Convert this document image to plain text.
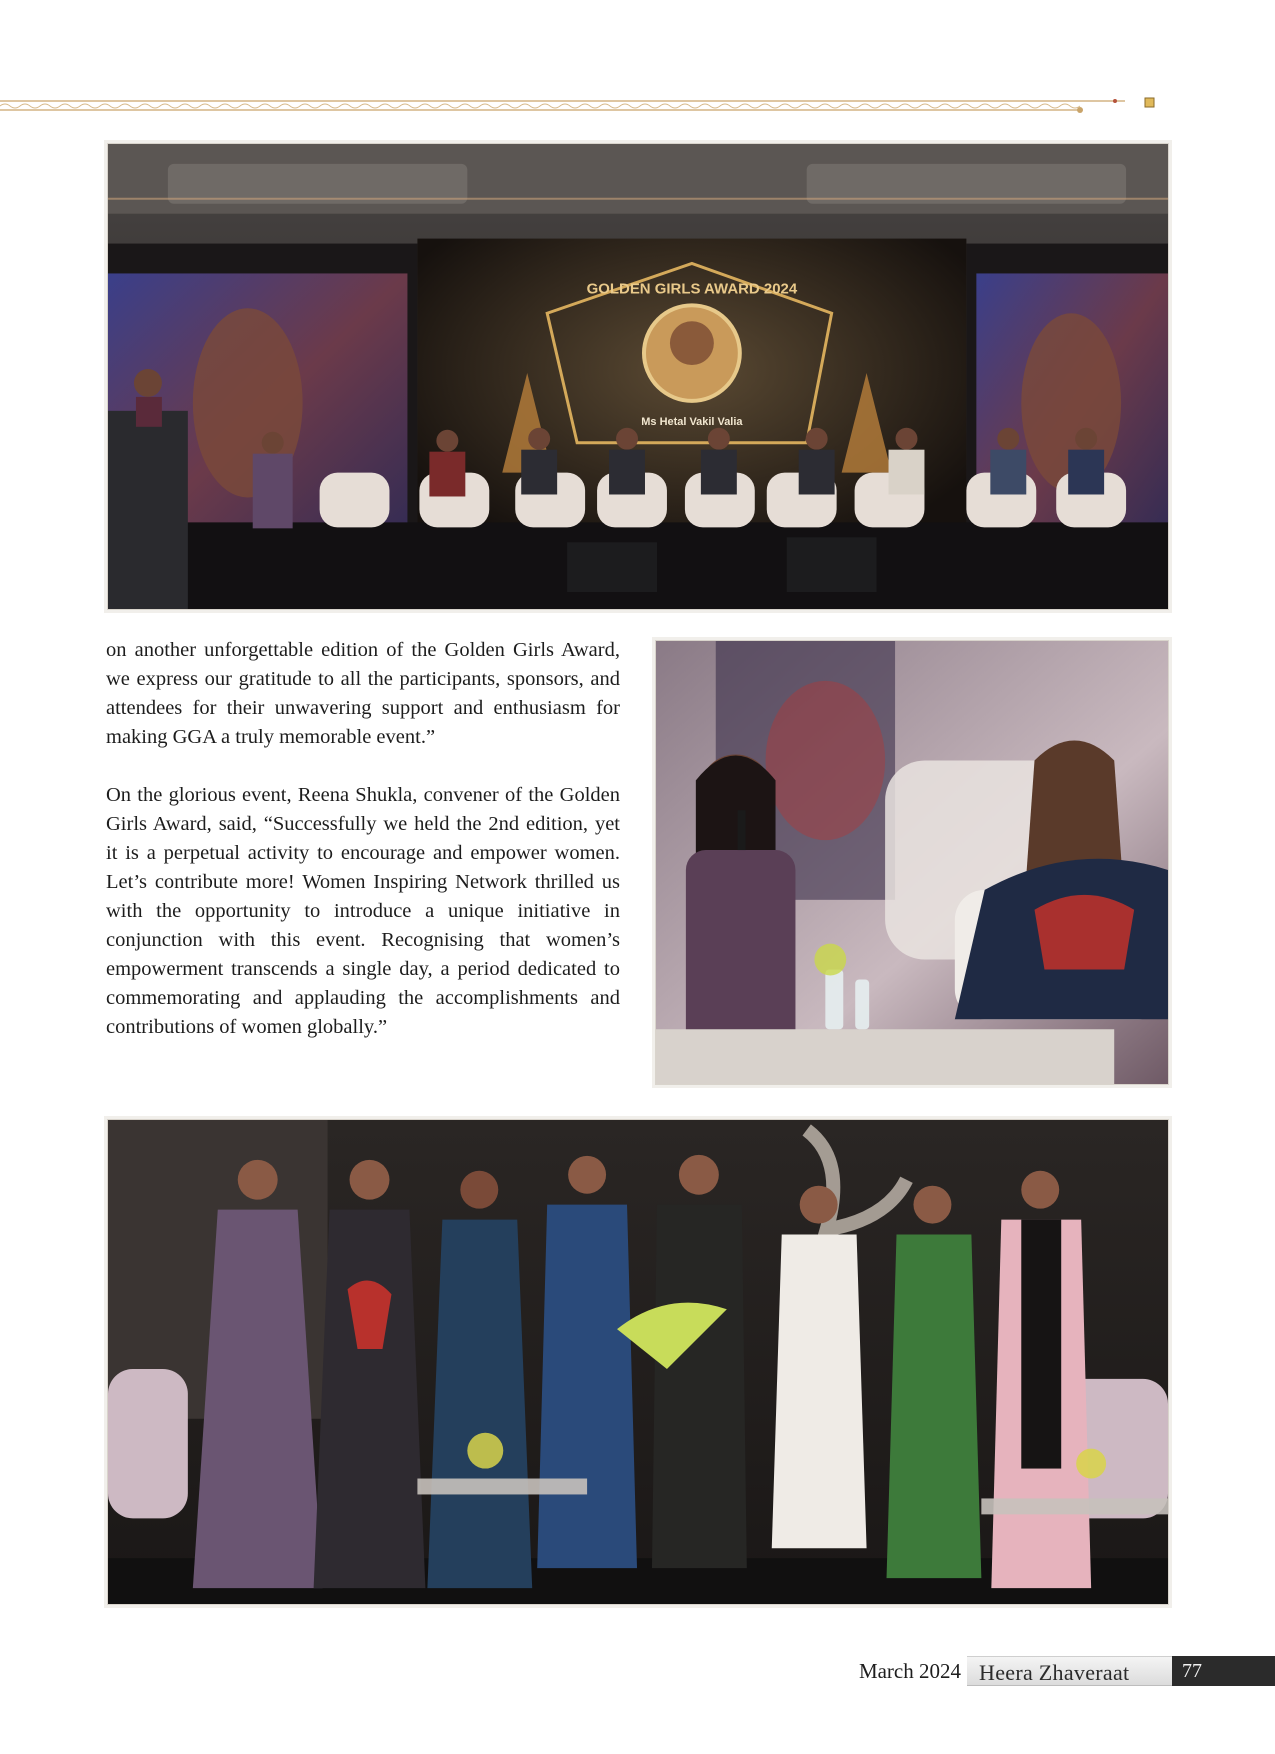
GOLDEN GIRLS AWARD 2024
Ms Hetal Vakil Valia

on another unforgettable edition of the Golden Girls Award, we express our gratitude to all the participants, sponsors, and attendees for their unwavering support and enthusiasm for making GGA a truly memorable event.”

On the glorious event, Reena Shukla, convener of the Golden Girls Award, said, “Successfully we held the 2nd edition, yet it is a perpetual activity to encourage and empower women. Let’s contribute more! Women Inspiring Network thrilled us with the opportunity to introduce a unique initiative in conjunction with this event. Recognising that women’s empowerment transcends a single day, a period dedicated to commemorating and applauding the accomplishments and contributions of women globally.”

March 2024 Heera Zhaveraat	77
